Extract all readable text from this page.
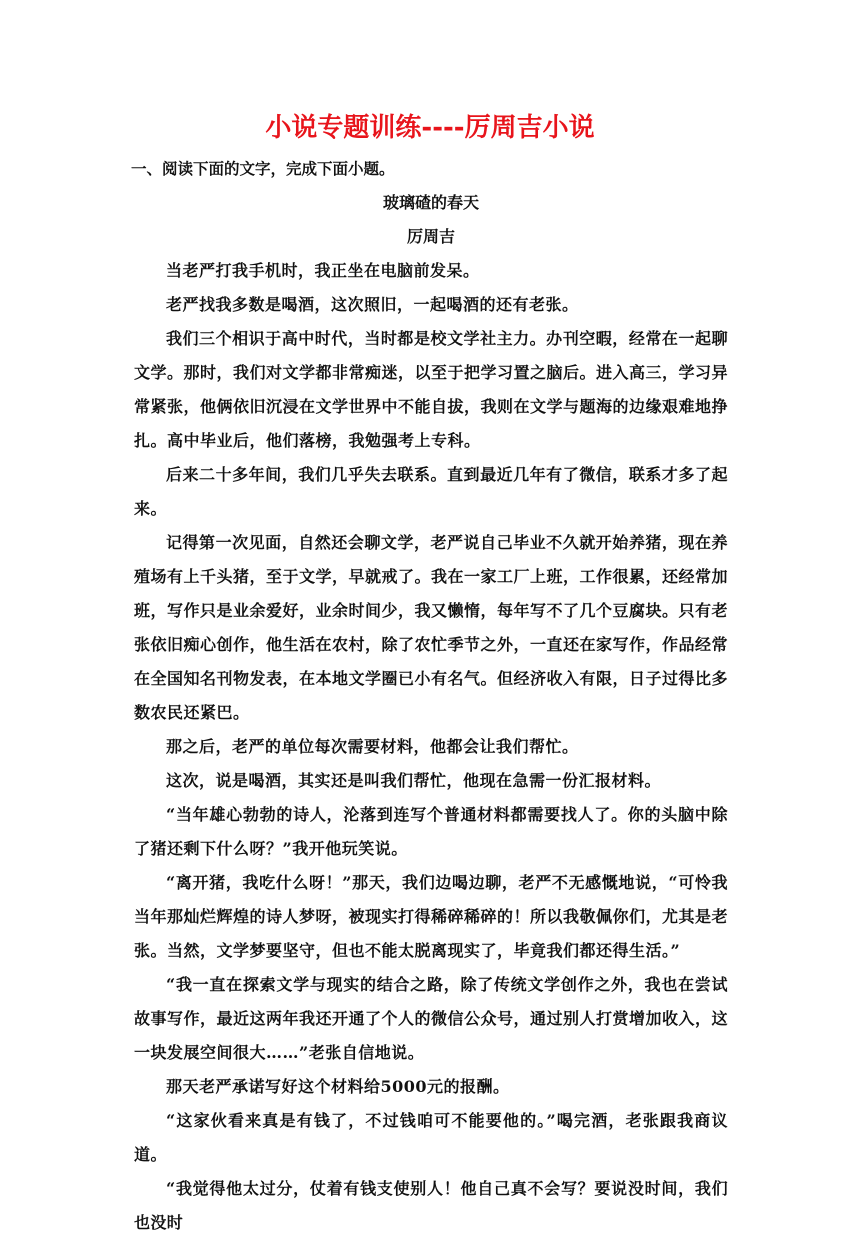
小说专题训练----厉周吉小说
一、阅读下面的文字，完成下面小题。
玻璃碴的春天
厉周吉

当老严打我手机时，我正坐在电脑前发呆。

老严找我多数是喝酒，这次照旧，一起喝酒的还有老张。

我们三个相识于高中时代，当时都是校文学社主力。办刊空暇，经常在一起聊文学。那时，我们对文学都非常痴迷，以至于把学习置之脑后。进入高三，学习异常紧张，他俩依旧沉浸在文学世界中不能自拔，我则在文学与题海的边缘艰难地挣扎。高中毕业后，他们落榜，我勉强考上专科。

后来二十多年间，我们几乎失去联系。直到最近几年有了微信，联系才多了起来。

记得第一次见面，自然还会聊文学，老严说自己毕业不久就开始养猪，现在养殖场有上千头猪，至于文学，早就戒了。我在一家工厂上班，工作很累，还经常加班，写作只是业余爱好，业余时间少，我又懒惰，每年写不了几个豆腐块。只有老张依旧痴心创作，他生活在农村，除了农忙季节之外，一直还在家写作，作品经常在全国知名刊物发表，在本地文学圈已小有名气。但经济收入有限，日子过得比多数农民还紧巴。

那之后，老严的单位每次需要材料，他都会让我们帮忙。

这次，说是喝酒，其实还是叫我们帮忙，他现在急需一份汇报材料。

“当年雄心勃勃的诗人，沦落到连写个普通材料都需要找人了。你的头脑中除了猪还剩下什么呀？”我开他玩笑说。

“离开猪，我吃什么呀！”那天，我们边喝边聊，老严不无感慨地说，“可怜我当年那灿烂辉煌的诗人梦呀，被现实打得稀碎稀碎的！所以我敬佩你们，尤其是老张。当然，文学梦要坚守，但也不能太脱离现实了，毕竟我们都还得生活。”

“我一直在探索文学与现实的结合之路，除了传统文学创作之外，我也在尝试故事写作，最近这两年我还开通了个人的微信公众号，通过别人打赏增加收入，这一块发展空间很大……”老张自信地说。

那天老严承诺写好这个材料给5000元的报酬。

“这家伙看来真是有钱了，不过钱咱可不能要他的。”喝完酒，老张跟我商议道。

“我觉得他太过分，仗着有钱支使别人！他自己真不会写？要说没时间，我们也没时
